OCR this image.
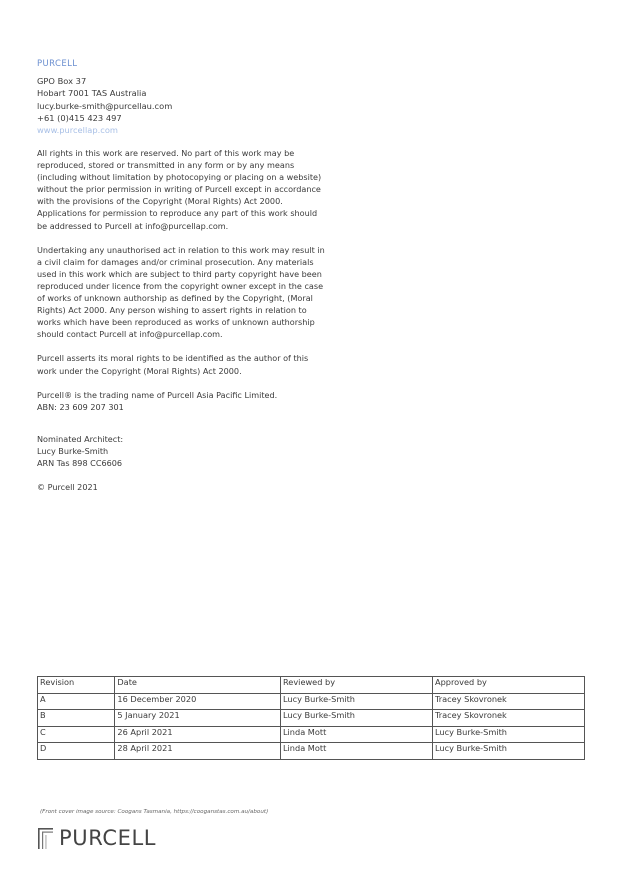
PURCELL
GPO Box 37
Hobart 7001 TAS Australia
lucy.burke-smith@purcellau.com
+61 (0)415 423 497
www.purcellap.com

All rights in this work are reserved. No part of this work may be
reproduced, stored or transmitted in any form or by any means
(including without limitation by photocopying or placing on a website)
without the prior permission in writing of Purcell except in accordance
with the provisions of the Copyright (Moral Rights) Act 2000.
Applications for permission to reproduce any part of this work should
be addressed to Purcell at info@purcellap.com.

Undertaking any unauthorised act in relation to this work may result in
a civil claim for damages and/or criminal prosecution. Any materials
used in this work which are subject to third party copyright have been
reproduced under licence from the copyright owner except in the case
of works of unknown authorship as defined by the Copyright, (Moral
Rights) Act 2000. Any person wishing to assert rights in relation to
works which have been reproduced as works of unknown authorship
should contact Purcell at info@purcellap.com.

Purcell asserts its moral rights to be identified as the author of this
work under the Copyright (Moral Rights) Act 2000.

Purcell® is the trading name of Purcell Asia Pacific Limited.
ABN: 23 609 207 301

Nominated Architect:
Lucy Burke-Smith
ARN Tas 898 CC6606

© Purcell 2021

Revision	Date	Reviewed by	Approved by
A	16 December 2020	Lucy Burke-Smith	Tracey Skovronek
B	5 January 2021	Lucy Burke-Smith	Tracey Skovronek
C	26 April 2021	Linda Mott	Lucy Burke-Smith
D	28 April 2021	Linda Mott	Lucy Burke-Smith
(Front cover image source: Coogans Tasmania, https://cooganstas.com.au/about)
PURCELL
